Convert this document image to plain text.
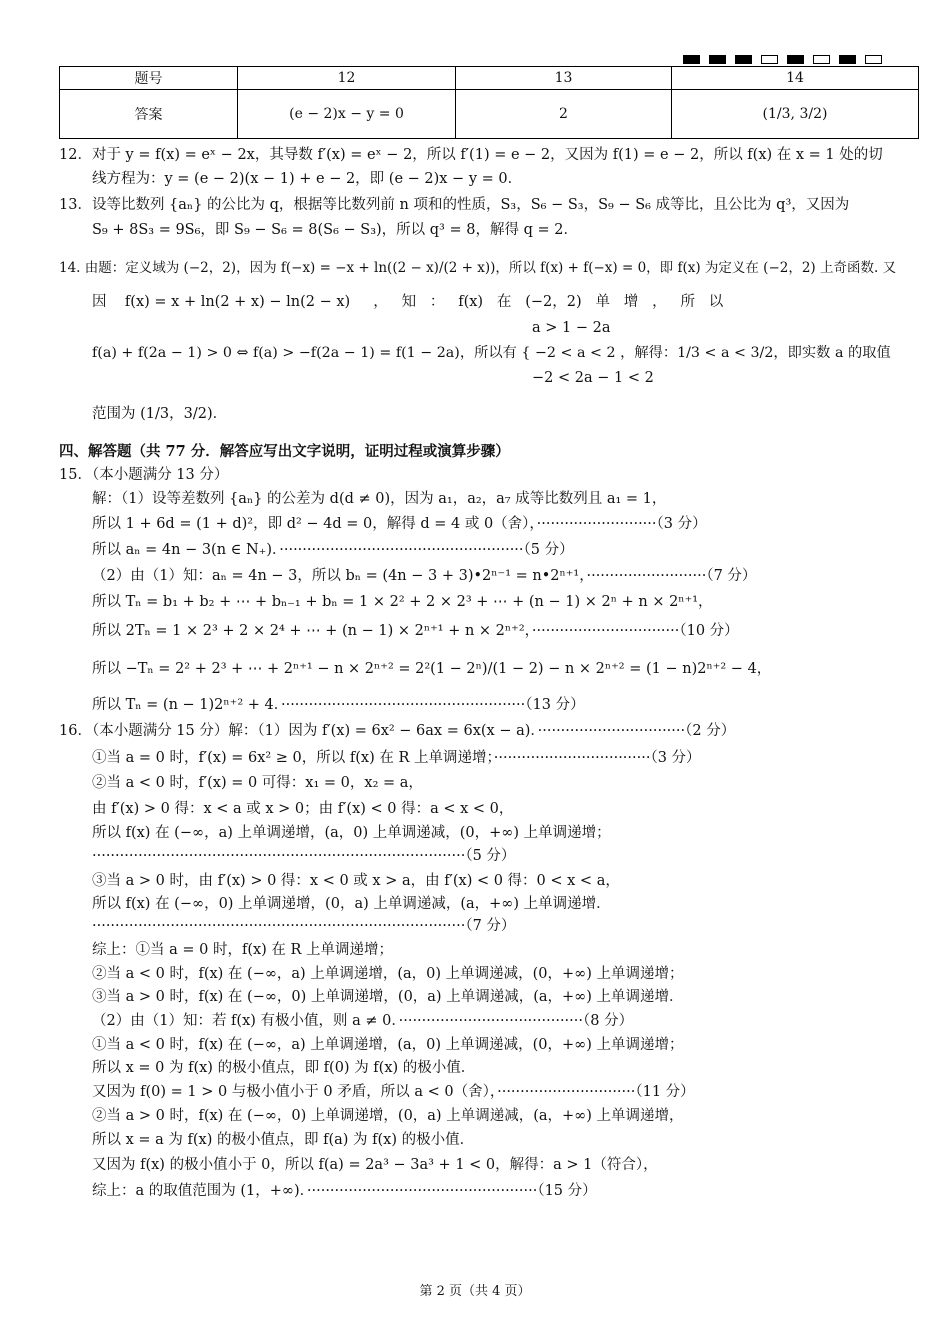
题号	12	13	14
答案	(e − 2)x − y = 0	2	(1/3, 3/2)
12．对于 y = f(x) = eˣ − 2x，其导数 f′(x) = eˣ − 2，所以 f′(1) = e − 2，又因为 f(1) = e − 2，所以 f(x) 在 x = 1 处的切
线方程为：y = (e − 2)(x − 1) + e − 2，即 (e − 2)x − y = 0．
13．设等比数列 {aₙ} 的公比为 q，根据等比数列前 n 项和的性质，S₃，S₆ − S₃，S₉ − S₆ 成等比，且公比为 q³，又因为
S₉ + 8S₃ = 9S₆，即 S₉ − S₆ = 8(S₆ − S₃)，所以 q³ = 8，解得 q = 2．
14. 由题：定义域为 (−2，2)，因为 f(−x) = −x + ln((2 − x)/(2 + x))，所以 f(x) + f(−x) = 0，即 f(x) 为定义在 (−2，2) 上奇函数. 又
因    f(x) = x + ln(2 + x) − ln(2 − x)     ，   知   ：   f(x)   在   (−2，2)   单   增   ，   所   以
a > 1 − 2a
f(a) + f(2a − 1) > 0 ⇔ f(a) > −f(2a − 1) = f(1 − 2a)，所以有 { −2 < a < 2 ，解得：1/3 < a < 3/2，即实数 a 的取值
−2 < 2a − 1 < 2
范围为 (1/3，3/2)．
四、解答题（共 77 分．解答应写出文字说明，证明过程或演算步骤）
15．（本小题满分 13 分）
解：（1）设等差数列 {aₙ} 的公差为 d(d ≠ 0)，因为 a₁，a₂，a₇ 成等比数列且 a₁ = 1，
所以 1 + 6d = (1 + d)²，即 d² − 4d = 0，解得 d = 4 或 0（舍），··························（3 分）
所以 aₙ = 4n − 3(n ∈ N₊)．·····················································（5 分）
（2）由（1）知：aₙ = 4n − 3，所以 bₙ = (4n − 3 + 3)•2ⁿ⁻¹ = n•2ⁿ⁺¹，··························（7 分）
所以 Tₙ = b₁ + b₂ + ⋯ + bₙ₋₁ + bₙ = 1 × 2² + 2 × 2³ + ⋯ + (n − 1) × 2ⁿ + n × 2ⁿ⁺¹，
所以 2Tₙ = 1 × 2³ + 2 × 2⁴ + ⋯ + (n − 1) × 2ⁿ⁺¹ + n × 2ⁿ⁺²，································（10 分）
所以 −Tₙ = 2² + 2³ + ⋯ + 2ⁿ⁺¹ − n × 2ⁿ⁺² = 2²(1 − 2ⁿ)/(1 − 2) − n × 2ⁿ⁺² = (1 − n)2ⁿ⁺² − 4，
所以 Tₙ = (n − 1)2ⁿ⁺² + 4．·····················································（13 分）
16．（本小题满分 15 分）解：（1）因为 f′(x) = 6x² − 6ax = 6x(x − a)．································（2 分）
①当 a = 0 时，f′(x) = 6x² ≥ 0，所以 f(x) 在 R 上单调递增；··································（3 分）
②当 a < 0 时，f′(x) = 0 可得：x₁ = 0，x₂ = a，
由 f′(x) > 0 得：x < a 或 x > 0；由 f′(x) < 0 得：a < x < 0，
所以 f(x) 在 (−∞，a) 上单调递增，(a，0) 上单调递减，(0，+∞) 上单调递增；
·················································································（5 分）
③当 a > 0 时，由 f′(x) > 0 得：x < 0 或 x > a，由 f′(x) < 0 得：0 < x < a，
所以 f(x) 在 (−∞，0) 上单调递增，(0，a) 上单调递减，(a，+∞) 上单调递增．
·················································································（7 分）
综上：①当 a = 0 时，f(x) 在 R 上单调递增；
②当 a < 0 时，f(x) 在 (−∞，a) 上单调递增，(a，0) 上单调递减，(0，+∞) 上单调递增；
③当 a > 0 时，f(x) 在 (−∞，0) 上单调递增，(0，a) 上单调递减，(a，+∞) 上单调递增．
（2）由（1）知：若 f(x) 有极小值，则 a ≠ 0．········································（8 分）
①当 a < 0 时，f(x) 在 (−∞，a) 上单调递增，(a，0) 上单调递减，(0，+∞) 上单调递增；
所以 x = 0 为 f(x) 的极小值点，即 f(0) 为 f(x) 的极小值．
又因为 f(0) = 1 > 0 与极小值小于 0 矛盾，所以 a < 0（舍），······························（11 分）
②当 a > 0 时，f(x) 在 (−∞，0) 上单调递增，(0，a) 上单调递减，(a，+∞) 上单调递增，
所以 x = a 为 f(x) 的极小值点，即 f(a) 为 f(x) 的极小值．
又因为 f(x) 的极小值小于 0，所以 f(a) = 2a³ − 3a³ + 1 < 0，解得：a > 1（符合），
综上：a 的取值范围为 (1，+∞)．··················································（15 分）
第 2 页（共 4 页）
